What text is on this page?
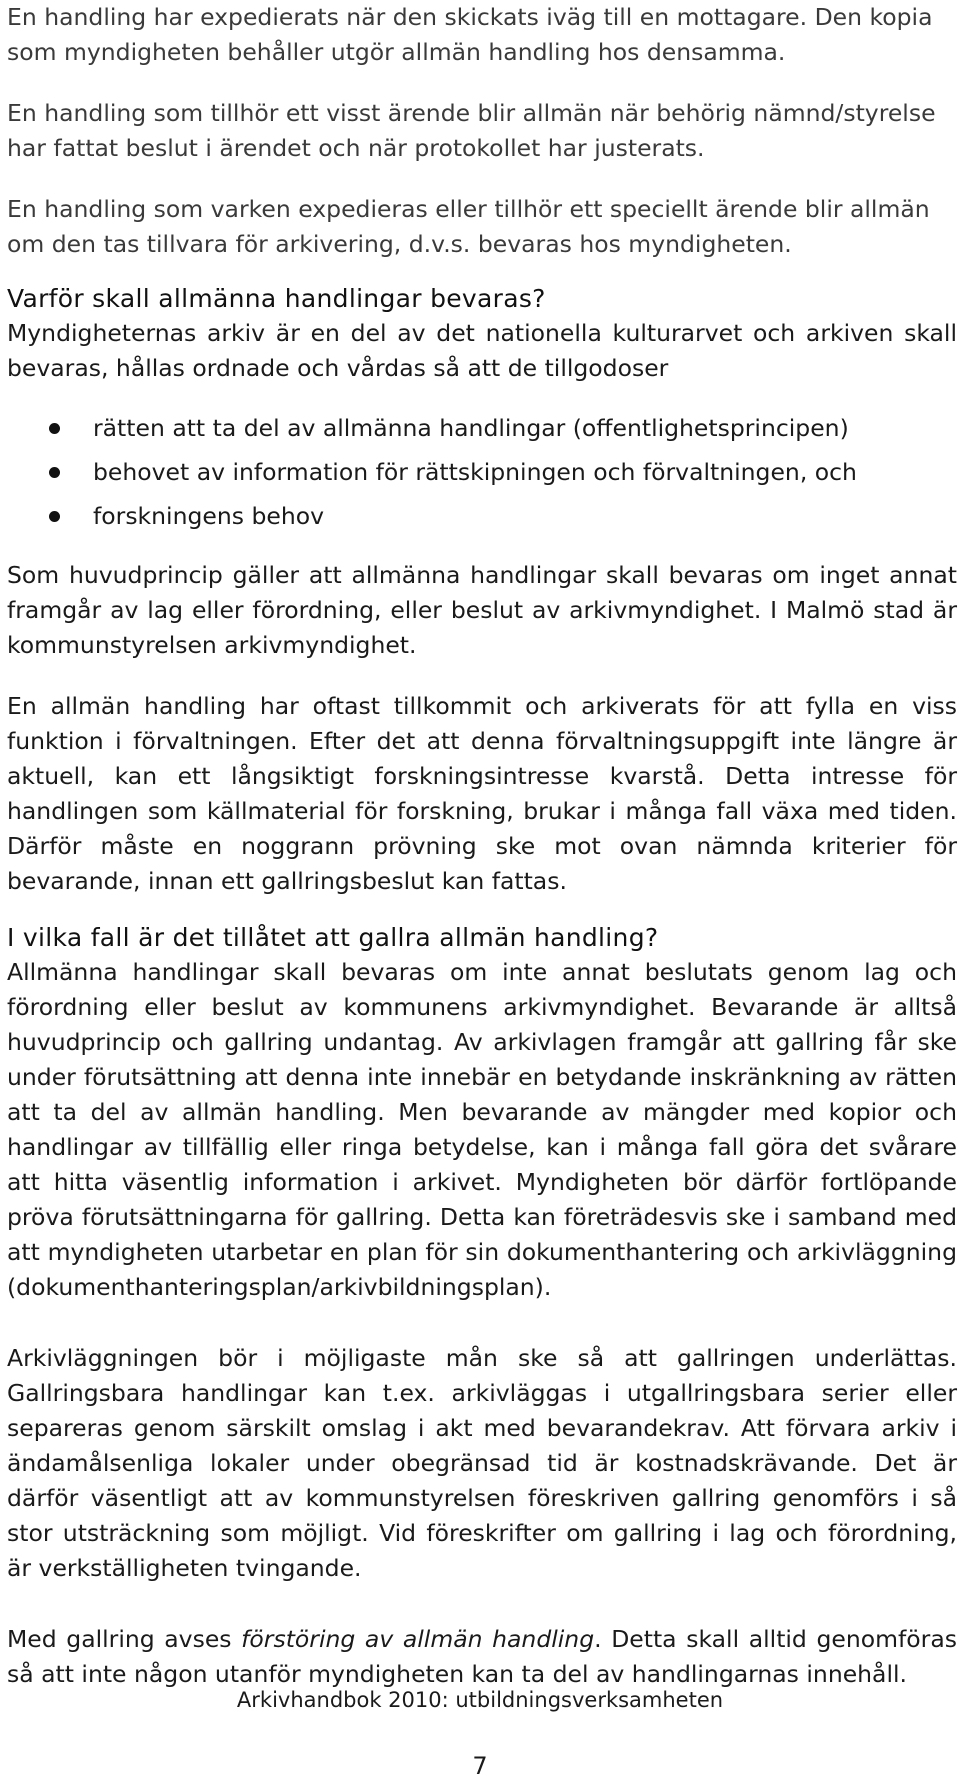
En handling har expedierats när den skickats iväg till en mottagare. Den kopia som myndigheten behåller utgör allmän handling hos densamma.

En handling som tillhör ett visst ärende blir allmän när behörig nämnd/styrelse har fattat beslut i ärendet och när protokollet har justerats.

En handling som varken expedieras eller tillhör ett speciellt ärende blir allmän om den tas tillvara för arkivering, d.v.s. bevaras hos myndigheten.

Varför skall allmänna handlingar bevaras?

Myndigheternas arkiv är en del av det nationella kulturarvet och arkiven skall bevaras, hållas ordnade och vårdas så att de tillgodoser

rätten att ta del av allmänna handlingar (offentlighetsprincipen)
behovet av information för rättskipningen och förvaltningen, och
forskningens behov

Som huvudprincip gäller att allmänna handlingar skall bevaras om inget annat framgår av lag eller förordning, eller beslut av arkivmyndighet. I Malmö stad är kommunstyrelsen arkivmyndighet.

En allmän handling har oftast tillkommit och arkiverats för att fylla en viss funktion i förvaltningen. Efter det att denna förvaltningsuppgift inte längre är aktuell, kan ett långsiktigt forskningsintresse kvarstå. Detta intresse för handlingen som källmaterial för forskning, brukar i många fall växa med tiden. Därför måste en noggrann prövning ske mot ovan nämnda kriterier för bevarande, innan ett gallringsbeslut kan fattas.

I vilka fall är det tillåtet att gallra allmän handling?

Allmänna handlingar skall bevaras om inte annat beslutats genom lag och förordning eller beslut av kommunens arkivmyndighet. Bevarande är alltså huvudprincip och gallring undantag. Av arkivlagen framgår att gallring får ske under förutsättning att denna inte innebär en betydande inskränkning av rätten att ta del av allmän handling. Men bevarande av mängder med kopior och handlingar av tillfällig eller ringa betydelse, kan i många fall göra det svårare att hitta väsentlig information i arkivet. Myndigheten bör därför fortlöpande pröva förutsättningarna för gallring. Detta kan företrädesvis ske i samband med att myndigheten utarbetar en plan för sin dokumenthantering och arkivläggning (dokumenthanteringsplan/arkivbildningsplan).

Arkivläggningen bör i möjligaste mån ske så att gallringen underlättas. Gallringsbara handlingar kan t.ex. arkivläggas i utgallringsbara serier eller separeras genom särskilt omslag i akt med bevarandekrav. Att förvara arkiv i ändamålsenliga lokaler under obegränsad tid är kostnadskrävande. Det är därför väsentligt att av kommunstyrelsen föreskriven gallring genomförs i så stor utsträckning som möjligt. Vid föreskrifter om gallring i lag och förordning, är verkställigheten tvingande.

Med gallring avses förstöring av allmän handling. Detta skall alltid genomföras så att inte någon utanför myndigheten kan ta del av handlingarnas innehåll.

Arkivhandbok 2010: utbildningsverksamheten
7
